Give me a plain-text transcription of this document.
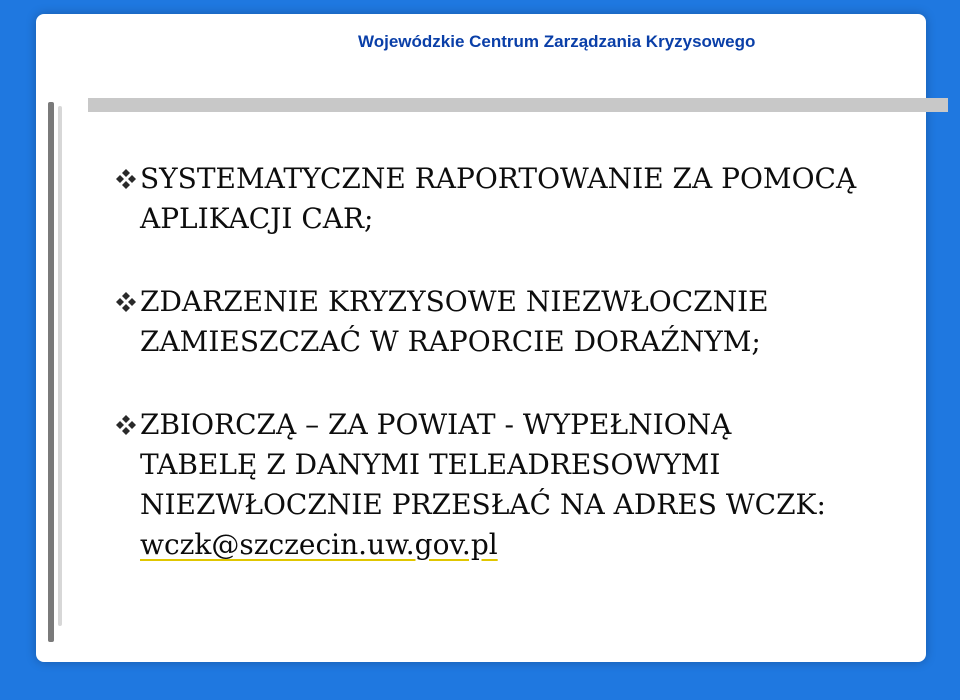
Wojewódzkie Centrum Zarządzania Kryzysowego
SYSTEMATYCZNE RAPORTOWANIE ZA POMOCĄ
APLIKACJI CAR;
ZDARZENIE KRYZYSOWE NIEZWŁOCZNIE
ZAMIESZCZAĆ W RAPORCIE DORAŹNYM;
ZBIORCZĄ – ZA POWIAT - WYPEŁNIONĄ
TABELĘ Z DANYMI TELEADRESOWYMI
NIEZWŁOCZNIE PRZESŁAĆ NA ADRES WCZK:
wczk@szczecin.uw.gov.pl
